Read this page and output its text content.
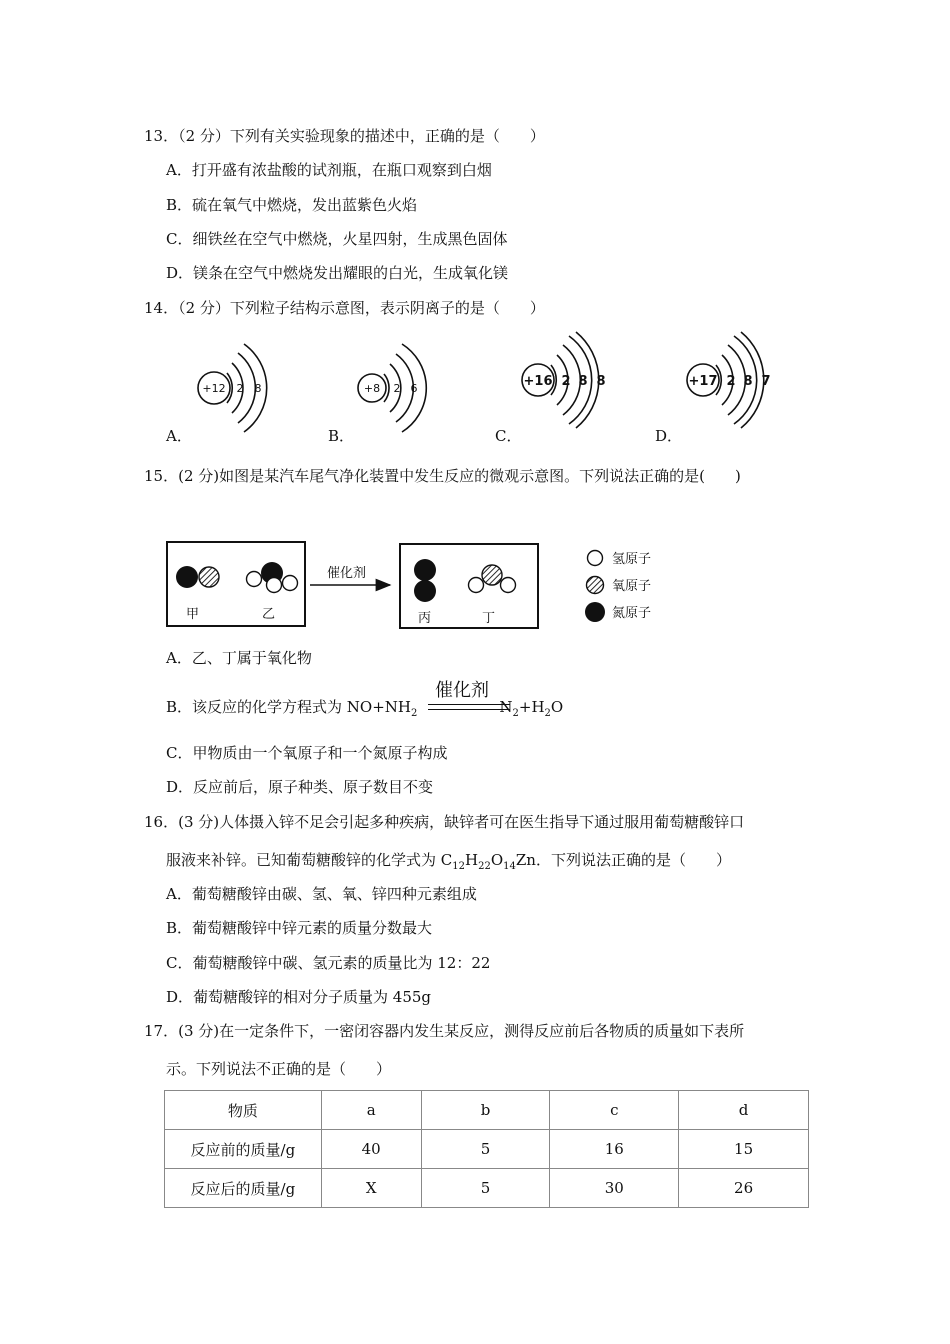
13．（2 分）下列有关实验现象的描述中，正确的是（　　）
A．打开盛有浓盐酸的试剂瓶，在瓶口观察到白烟
B．硫在氧气中燃烧，发出蓝紫色火焰
C．细铁丝在空气中燃烧，火星四射，生成黑色固体
D．镁条在空气中燃烧发出耀眼的白光，生成氧化镁
14．（2 分）下列粒子结构示意图，表示阴离子的是（　　）
+12 2 8	+8 2 6	+16 2 8 8	+17 2 8 7
A．	B．	C．	D．
15．(2 分)如图是某汽车尾气净化装置中发生反应的微观示意图。下列说法正确的是(　　)
甲	乙
催化剂
丙	丁
氢原子
氧原子
氮原子
A．乙、丁属于氧化物
B．该反应的化学方程式为 $NO+NH_2$	$N_2+H_2O$
催化剂
C．甲物质由一个氧原子和一个氮原子构成
D．反应前后，原子种类、原子数目不变
16．(3 分)人体摄入锌不足会引起多种疾病，缺锌者可在医生指导下通过服用葡萄糖酸锌口
服液来补锌。已知葡萄糖酸锌的化学式为 $C_{12}H_{22}O_{14}Zn$．下列说法正确的是（　　）
A．葡萄糖酸锌由碳、氢、氧、锌四种元素组成
B．葡萄糖酸锌中锌元素的质量分数最大
C．葡萄糖酸锌中碳、氢元素的质量比为 12：22
D．葡萄糖酸锌的相对分子质量为 455g
17．(3 分)在一定条件下，一密闭容器内发生某反应，测得反应前后各物质的质量如下表所
示。下列说法不正确的是（　　）
物质	a	b	c	d
反应前的质量/g	40	5	16	15
反应后的质量/g	X	5	30	26
